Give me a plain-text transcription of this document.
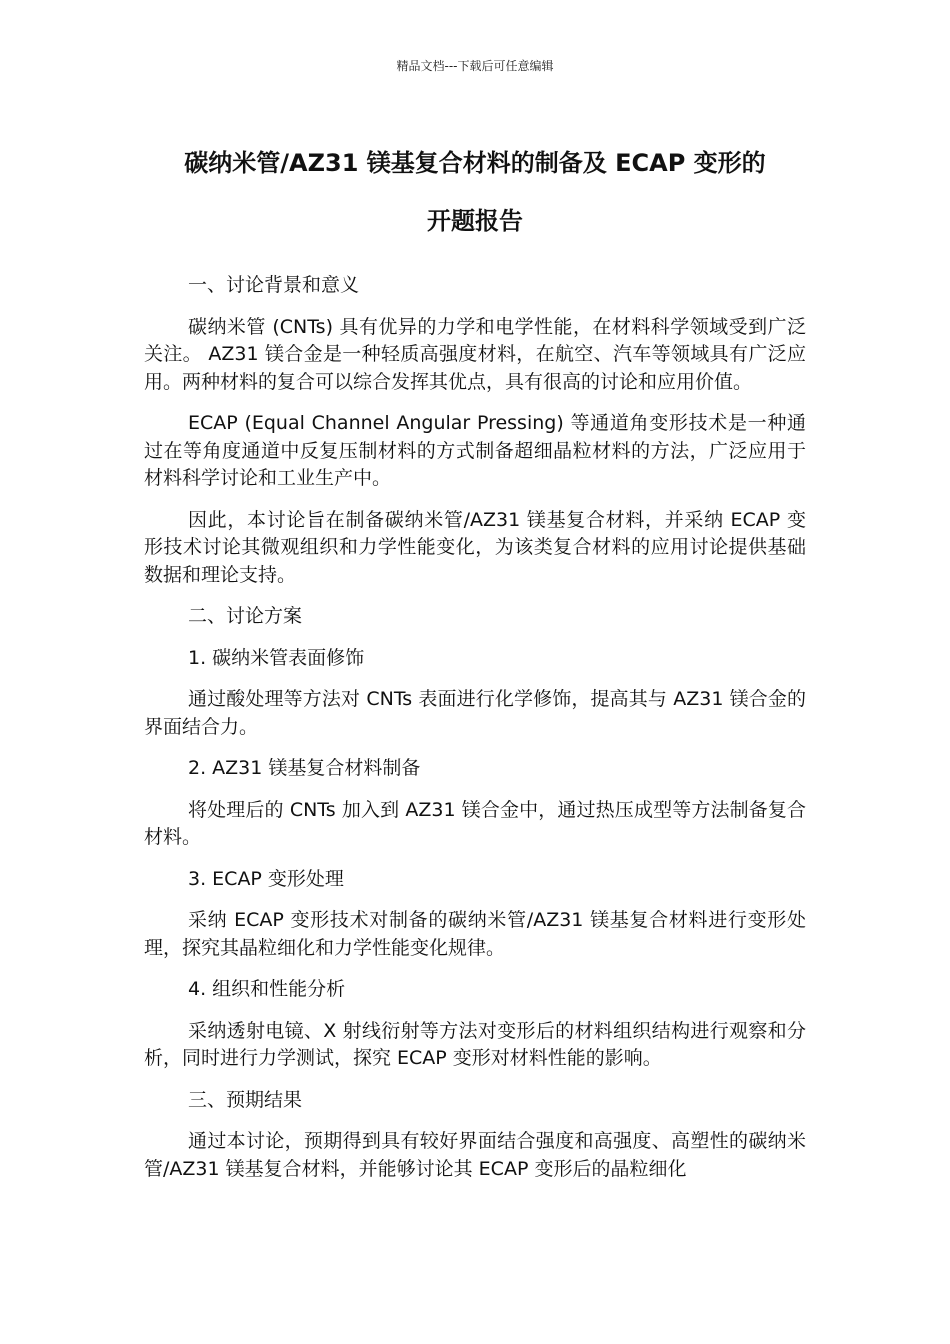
精品文档---下载后可任意编辑
碳纳米管/AZ31 镁基复合材料的制备及 ECAP 变形的
开题报告

一、讨论背景和意义

碳纳米管 (CNTs) 具有优异的力学和电学性能，在材料科学领域受到广泛关注。 AZ31 镁合金是一种轻质高强度材料，在航空、汽车等领域具有广泛应用。两种材料的复合可以综合发挥其优点，具有很高的讨论和应用价值。

ECAP (Equal Channel Angular Pressing) 等通道角变形技术是一种通过在等角度通道中反复压制材料的方式制备超细晶粒材料的方法，广泛应用于材料科学讨论和工业生产中。

因此，本讨论旨在制备碳纳米管/AZ31 镁基复合材料，并采纳 ECAP 变形技术讨论其微观组织和力学性能变化，为该类复合材料的应用讨论提供基础数据和理论支持。

二、讨论方案

1. 碳纳米管表面修饰

通过酸处理等方法对 CNTs 表面进行化学修饰，提高其与 AZ31 镁合金的界面结合力。

2. AZ31 镁基复合材料制备

将处理后的 CNTs 加入到 AZ31 镁合金中，通过热压成型等方法制备复合材料。

3. ECAP 变形处理

采纳 ECAP 变形技术对制备的碳纳米管/AZ31 镁基复合材料进行变形处理，探究其晶粒细化和力学性能变化规律。

4. 组织和性能分析

采纳透射电镜、X 射线衍射等方法对变形后的材料组织结构进行观察和分析，同时进行力学测试，探究 ECAP 变形对材料性能的影响。

三、预期结果

通过本讨论，预期得到具有较好界面结合强度和高强度、高塑性的碳纳米管/AZ31 镁基复合材料，并能够讨论其 ECAP 变形后的晶粒细化
